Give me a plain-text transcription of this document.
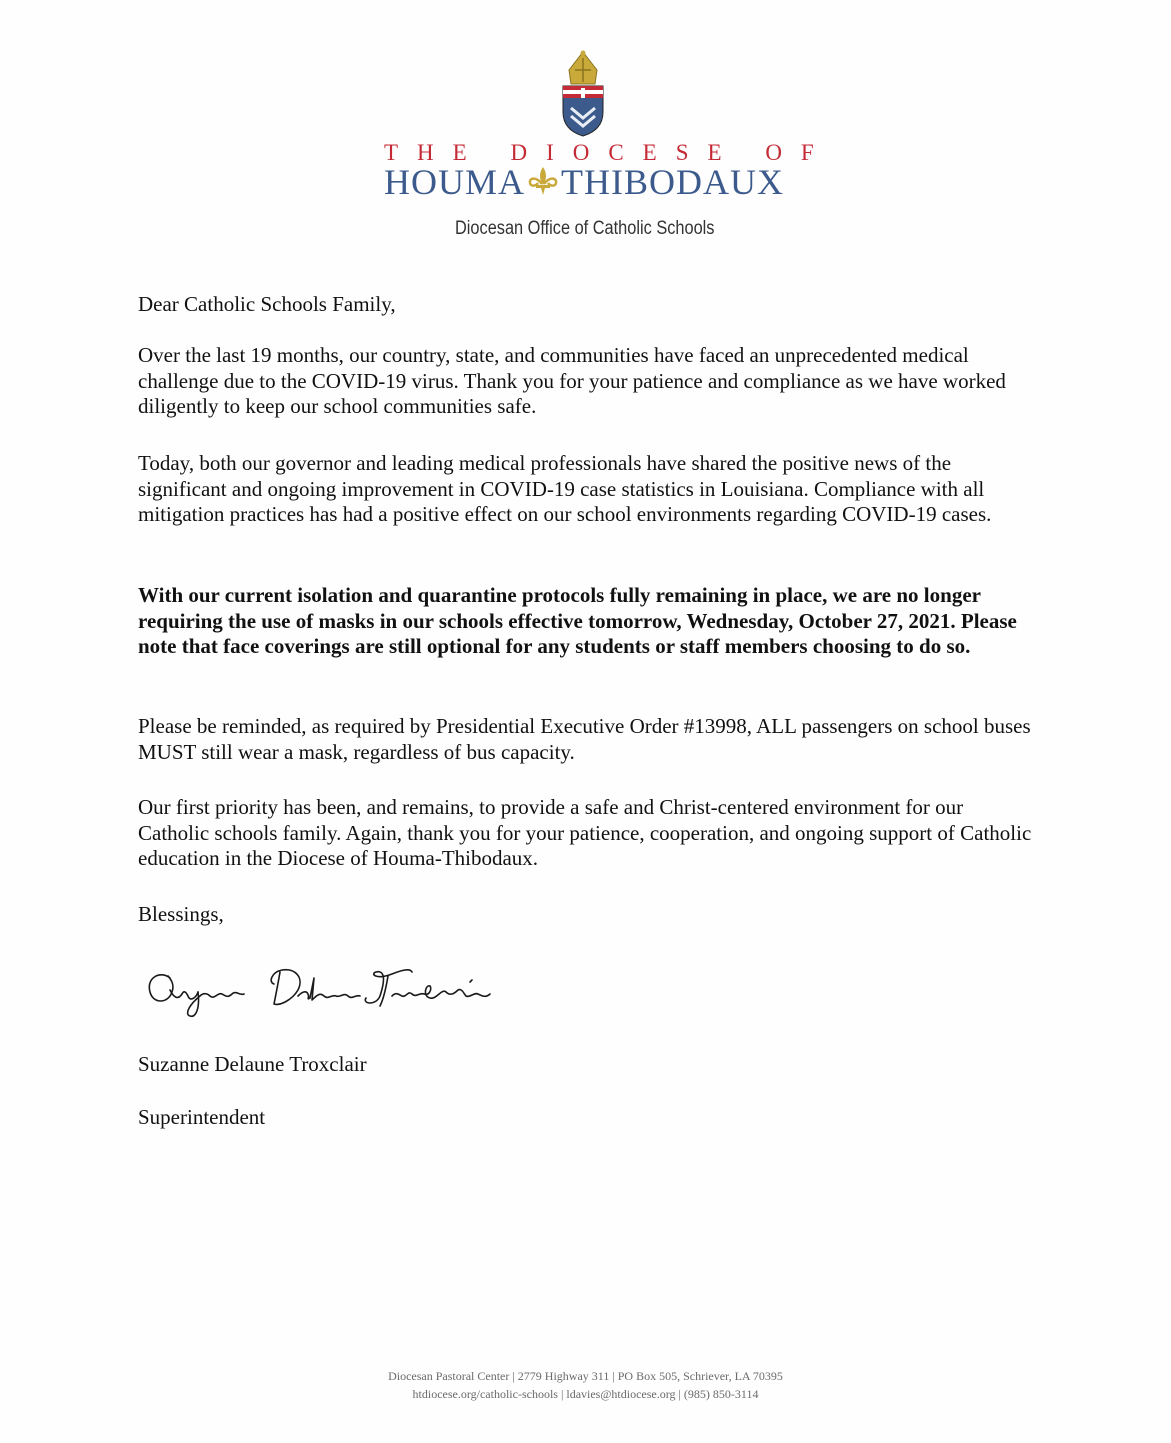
THE DIOCESE OF
HOUMA THIBODAUX
Diocesan Office of Catholic Schools

Dear Catholic Schools Family,

Over the last 19 months, our country, state, and communities have faced an unprecedented medical challenge due to the COVID-19 virus. Thank you for your patience and compliance as we have worked diligently to keep our school communities safe.

Today, both our governor and leading medical professionals have shared the positive news of the significant and ongoing improvement in COVID-19 case statistics in Louisiana. Compliance with all mitigation practices has had a positive effect on our school environments regarding COVID-19 cases.

With our current isolation and quarantine protocols fully remaining in place, we are no longer requiring the use of masks in our schools effective tomorrow, Wednesday, October 27, 2021. Please note that face coverings are still optional for any students or staff members choosing to do so.

Please be reminded, as required by Presidential Executive Order #13998, ALL passengers on school buses MUST still wear a mask, regardless of bus capacity.

Our first priority has been, and remains, to provide a safe and Christ-centered environment for our Catholic schools family. Again, thank you for your patience, cooperation, and ongoing support of Catholic education in the Diocese of Houma-Thibodaux.

Blessings,

Suzanne Delaune Troxclair

Superintendent

Diocesan Pastoral Center | 2779 Highway 311 | PO Box 505, Schriever, LA 70395
htdiocese.org/catholic-schools | ldavies@htdiocese.org | (985) 850-3114
